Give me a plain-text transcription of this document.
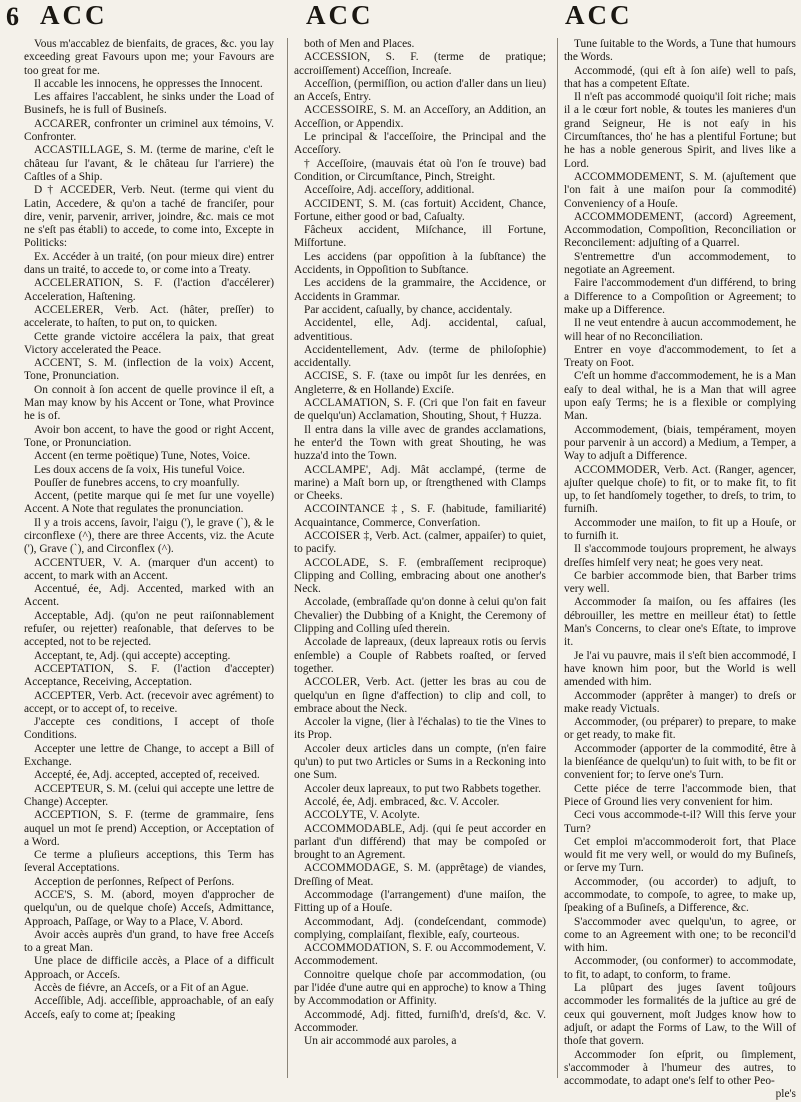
6 ACC	ACC	ACC

Vous m'accablez de bienfaits, de graces, &c. you lay exceeding great Favours upon me; your Favours are too great for me.

Il accable les innocens, he oppresses the Innocent.

Les affaires l'accablent, he sinks under the Load of Businefs, he is full of Busineſs.

ACCARER, confronter un criminel aux témoins, V. Confronter.

ACCASTILLAGE, S. M. (terme de marine, c'eſt le château ſur l'avant, & le château ſur l'arriere) the Caſtles of a Ship.

D † ACCEDER, Verb. Neut. (terme qui vient du Latin, Accedere, & qu'on a taché de franciſer, pour dire, venir, parvenir, arriver, joindre, &c. mais ce mot ne s'eſt pas établi) to accede, to come into, Excepte in Politicks:

Ex. Accéder à un traité, (on pour mieux dire) entrer dans un traité, to accede to, or come into a Treaty.

ACCELERATION, S. F. (l'action d'accélerer) Acceleration, Haſtening.

ACCELERER, Verb. Act. (hâter, preſſer) to accelerate, to haſten, to put on, to quicken.

Cette grande victoire accélera la paix, that great Victory accelerated the Peace.

ACCENT, S. M. (inflection de la voix) Accent, Tone, Pronunciation.

On connoit à ſon accent de quelle province il eſt, a Man may know by his Accent or Tone, what Province he is of.

Avoir bon accent, to have the good or right Accent, Tone, or Pronunciation.

Accent (en terme poëtique) Tune, Notes, Voice.

Les doux accens de ſa voix, His tuneful Voice.

Pouſſer de funebres accens, to cry moanfully.

Accent, (petite marque qui ſe met ſur une voyelle) Accent. A Note that regulates the pronunciation.

Il y a trois accens, ſavoir, l'aigu ('), le grave (`), & le circonflexe (^), there are three Accents, viz. the Acute ('), Grave (`), and Circonflex (^).

ACCENTUER, V. A. (marquer d'un accent) to accent, to mark with an Accent.

Accentué, ée, Adj. Accented, marked with an Accent.

Acceptable, Adj. (qu'on ne peut raiſonnablement refuſer, ou rejetter) reaſonable, that deſerves to be accepted, not to be rejected.

Acceptant, te, Adj. (qui accepte) accepting.

ACCEPTATION, S. F. (l'action d'accepter) Acceptance, Receiving, Acceptation.

ACCEPTER, Verb. Act. (recevoir avec agrément) to accept, or to accept of, to receive.

J'accepte ces conditions, I accept of thoſe Conditions.

Accepter une lettre de Change, to accept a Bill of Exchange.

Accepté, ée, Adj. accepted, accepted of, received.

ACCEPTEUR, S. M. (celui qui accepte une lettre de Change) Accepter.

ACCEPTION, S. F. (terme de grammaire, ſens auquel un mot ſe prend) Acception, or Acceptation of a Word.

Ce terme a pluſieurs acceptions, this Term has ſeveral Acceptations.

Acception de perſonnes, Reſpect of Perſons.

ACCE'S, S. M. (abord, moyen d'approcher de quelqu'un, ou de quelque choſe) Acceſs, Admittance, Approach, Paſſage, or Way to a Place, V. Abord.

Avoir accès auprès d'un grand, to have free Acceſs to a great Man.

Une place de difficile accès, a Place of a difficult Approach, or Acceſs.

Accès de fiévre, an Acceſs, or a Fit of an Ague.

Acceſſible, Adj. acceſſible, approachable, of an eaſy Acceſs, eaſy to come at; ſpeaking

both of Men and Places.

ACCESSION, S. F. (terme de pratique; accroiſſement) Acceſſion, Increaſe.

Acceſſion, (permiſſion, ou action d'aller dans un lieu) an Acceſs, Entry.

ACCESSOIRE, S. M. an Acceſſory, an Addition, an Acceſſion, or Appendix.

Le principal & l'acceſſoire, the Principal and the Acceſſory.

† Acceſſoire, (mauvais état où l'on ſe trouve) bad Condition, or Circumſtance, Pinch, Streight.

Acceſſoire, Adj. acceſſory, additional.

ACCIDENT, S. M. (cas fortuit) Accident, Chance, Fortune, either good or bad, Caſualty.

Fâcheux accident, Miſchance, ill Fortune, Miſfortune.

Les accidens (par oppoſition à la ſubſtance) the Accidents, in Oppoſition to Subſtance.

Les accidens de la grammaire, the Accidence, or Accidents in Grammar.

Par accident, caſually, by chance, accidentaly.

Accidentel, elle, Adj. accidental, caſual, adventitious.

Accidentellement, Adv. (terme de philoſophie) accidentally.

ACCISE, S. F. (taxe ou impôt ſur les denrées, en Angleterre, & en Hollande) Exciſe.

ACCLAMATION, S. F. (Cri que l'on fait en faveur de quelqu'un) Acclamation, Shouting, Shout, † Huzza.

Il entra dans la ville avec de grandes acclamations, he enter'd the Town with great Shouting, he was huzza'd into the Town.

ACCLAMPE', Adj. Mât acclampé, (terme de marine) a Maſt born up, or ſtrengthened with Clamps or Cheeks.

ACCOINTANCE ‡, S. F. (habitude, familiarité) Acquaintance, Commerce, Converſation.

ACCOISER ‡, Verb. Act. (calmer, appaiſer) to quiet, to pacify.

ACCOLADE, S. F. (embraſſement reciproque) Clipping and Colling, embracing about one another's Neck.

Accolade, (embraſſade qu'on donne à celui qu'on fait Chevalier) the Dubbing of a Knight, the Ceremony of Clipping and Colling uſed therein.

Accolade de lapreaux, (deux lapreaux rotis ou ſervis enſemble) a Couple of Rabbets roaſted, or ſerved together.

ACCOLER, Verb. Act. (jetter les bras au cou de quelqu'un en ſigne d'affection) to clip and coll, to embrace about the Neck.

Accoler la vigne, (lier à l'échalas) to tie the Vines to its Prop.

Accoler deux articles dans un compte, (n'en faire qu'un) to put two Articles or Sums in a Reckoning into one Sum.

Accoler deux lapreaux, to put two Rabbets together.

Accolé, ée, Adj. embraced, &c. V. Accoler.

ACCOLYTE, V. Acolyte.

ACCOMMODABLE, Adj. (qui ſe peut accorder en parlant d'un différend) that may be compoſed or brought to an Agrement.

ACCOMMODAGE, S. M. (apprêtage) de viandes, Dreſſing of Meat.

Accommodage (l'arrangement) d'une maiſon, the Fitting up of a Houſe.

Accommodant, Adj. (condeſcendant, commode) complying, complaiſant, flexible, eaſy, courteous.

ACCOMMODATION, S. F. ou Accommodement, V. Accommodement.

Connoitre quelque choſe par accommodation, (ou par l'idée d'une autre qui en approche) to know a Thing by Accommodation or Affinity.

Accommodé, Adj. fitted, furniſh'd, dreſs'd, &c. V. Accommoder.

Un air accommodé aux paroles, a

Tune ſuitable to the Words, a Tune that humours the Words.

Accommodé, (qui eſt à ſon aiſe) well to paſs, that has a competent Eſtate.

Il n'eſt pas accommodé quoiqu'il ſoit riche; mais il a le cœur fort noble, & toutes les manieres d'un grand Seigneur, He is not eaſy in his Circumſtances, tho' he has a plentiful Fortune; but he has a noble generous Spirit, and lives like a Lord.

ACCOMMODEMENT, S. M. (ajuſtement que l'on fait à une maiſon pour ſa commodité) Conveniency of a Houſe.

ACCOMMODEMENT, (accord) Agreement, Accommodation, Compoſition, Reconciliation or Reconcilement: adjuſting of a Quarrel.

S'entremettre d'un accommodement, to negotiate an Agreement.

Faire l'accommodement d'un différend, to bring a Difference to a Compoſition or Agreement; to make up a Difference.

Il ne veut entendre à aucun accommodement, he will hear of no Reconciliation.

Entrer en voye d'accommodement, to ſet a Treaty on Foot.

C'eſt un homme d'accommodement, he is a Man eaſy to deal withal, he is a Man that will agree upon eaſy Terms; he is a flexible or complying Man.

Accommodement, (biais, tempérament, moyen pour parvenir à un accord) a Medium, a Temper, a Way to adjuſt a Difference.

ACCOMMODER, Verb. Act. (Ranger, agencer, ajuſter quelque choſe) to fit, or to make fit, to fit up, to ſet handſomely together, to dreſs, to trim, to furniſh.

Accommoder une maiſon, to fit up a Houſe, or to furniſh it.

Il s'accommode toujours proprement, he always dreſſes himſelf very neat; he goes very neat.

Ce barbier accommode bien, that Barber trims very well.

Accommoder ſa maiſon, ou ſes affaires (les débrouiller, les mettre en meilleur état) to ſettle Man's Concerns, to clear one's Eſtate, to improve it.

Je l'ai vu pauvre, mais il s'eſt bien accommodé, I have known him poor, but the World is well amended with him.

Accommoder (apprêter à manger) to dreſs or make ready Victuals.

Accommoder, (ou préparer) to prepare, to make or get ready, to make fit.

Accommoder (apporter de la commodité, être à la bienſéance de quelqu'un) to ſuit with, to be fit or convenient for; to ſerve one's Turn.

Cette piéce de terre l'accommode bien, that Piece of Ground lies very convenient for him.

Ceci vous accommode-t-il? Will this ſerve your Turn?

Cet emploi m'accommoderoit fort, that Place would fit me very well, or would do my Buſineſs, or ſerve my Turn.

Accommoder, (ou accorder) to adjuſt, to accommodate, to compoſe, to agree, to make up, ſpeaking of a Buſineſs, a Difference, &c.

S'accommoder avec quelqu'un, to agree, or come to an Agreement with one; to be reconcil'd with him.

Accommoder, (ou conformer) to accommodate, to fit, to adapt, to conform, to frame.

La plûpart des juges ſavent toûjours accommoder les formalités de la juſtice au gré de ceux qui gouvernent, moſt Judges know how to adjuſt, or adapt the Forms of Law, to the Will of thoſe that govern.

Accommoder ſon eſprit, ou ſimplement, s'accommoder à l'humeur des autres, to accommodate, to adapt one's ſelf to other Peo-

ple's
